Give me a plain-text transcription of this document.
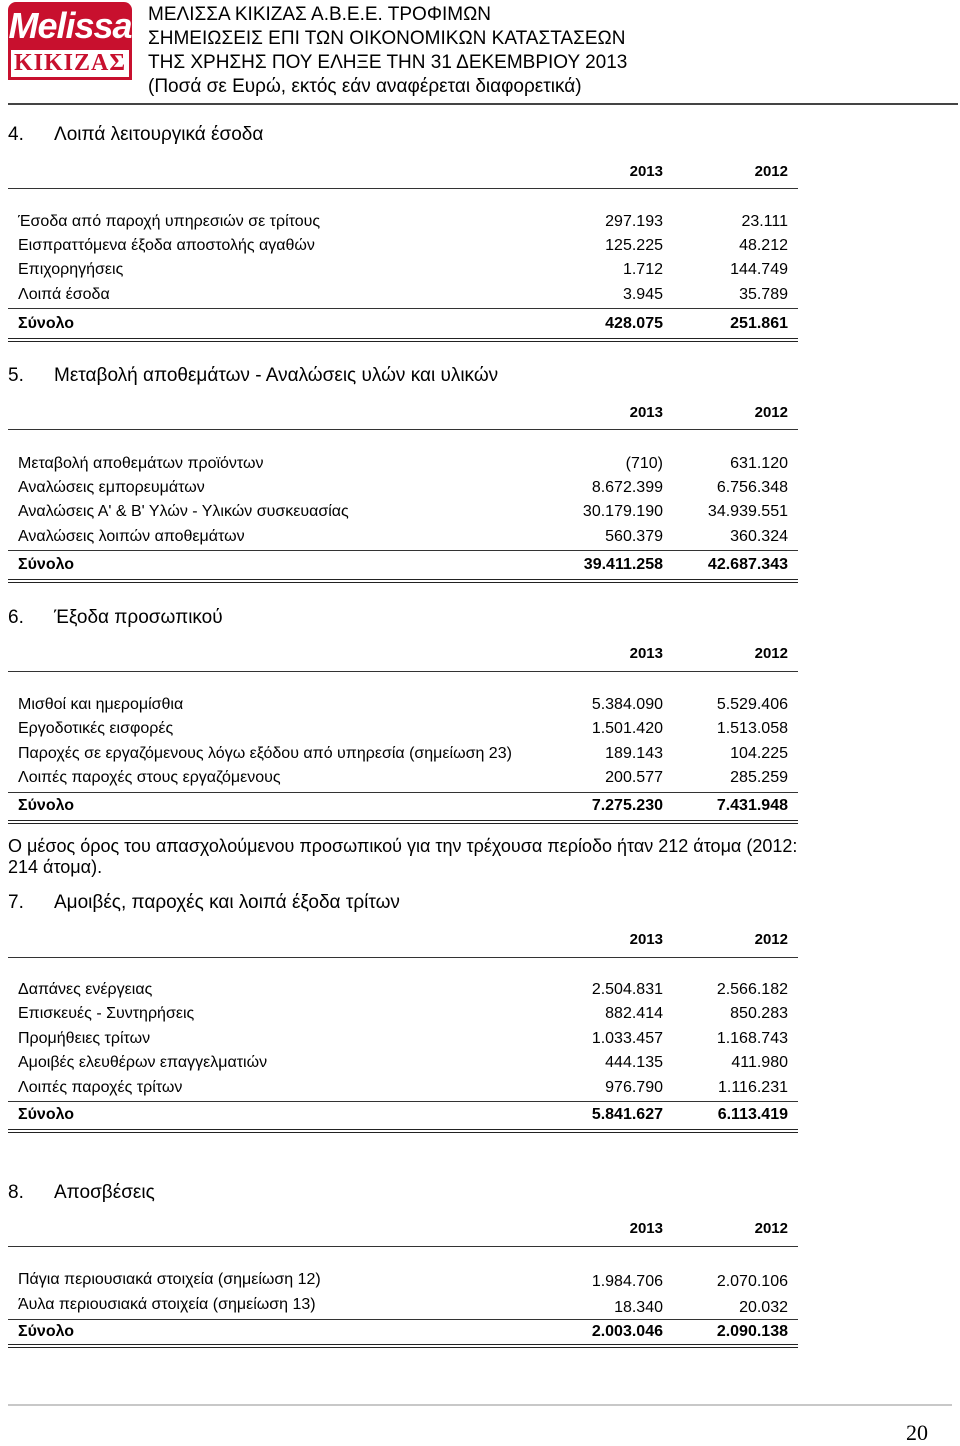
Melissa
ΚΙΚΙΖΑΣ
ΜΕΛΙΣΣΑ ΚΙΚΙΖΑΣ Α.Β.Ε.Ε. ΤΡΟΦΙΜΩΝ
ΣΗΜΕΙΩΣΕΙΣ ΕΠΙ ΤΩΝ ΟΙΚΟΝΟΜΙΚΩΝ ΚΑΤΑΣΤΑΣΕΩΝ
ΤΗΣ ΧΡΗΣΗΣ ΠΟΥ ΕΛΗΞΕ ΤΗΝ 31 ΔΕΚΕΜΒΡΙΟΥ 2013
(Ποσά σε Ευρώ, εκτός εάν αναφέρεται διαφορετικά)
4. Λοιπά λειτουργικά έσοδα
2013	2012
Έσοδα από παροχή υπηρεσιών σε τρίτους	297.193	23.111
Εισπραττόμενα έξοδα αποστολής αγαθών	125.225	48.212
Επιχορηγήσεις	1.712	144.749
Λοιπά έσοδα	3.945	35.789
Σύνολο	428.075	251.861
5. Μεταβολή αποθεμάτων - Αναλώσεις υλών και υλικών
2013	2012
Μεταβολή αποθεμάτων προϊόντων	(710)	631.120
Αναλώσεις εμπορευμάτων	8.672.399	6.756.348
Αναλώσεις Α' & Β' Υλών - Υλικών συσκευασίας	30.179.190	34.939.551
Αναλώσεις λοιπών αποθεμάτων	560.379	360.324
Σύνολο	39.411.258	42.687.343
6. Έξοδα προσωπικού
2013	2012
Μισθοί και ημερομίσθια	5.384.090	5.529.406
Εργοδοτικές εισφορές	1.501.420	1.513.058
Παροχές σε εργαζόμενους λόγω εξόδου από υπηρεσία (σημείωση 23)	189.143	104.225
Λοιπές παροχές στους εργαζόμενους	200.577	285.259
Σύνολο	7.275.230	7.431.948
Ο μέσος όρος του απασχολούμενου προσωπικού για την τρέχουσα περίοδο ήταν 212 άτομα (2012: 214 άτομα).
7. Αμοιβές, παροχές και λοιπά έξοδα τρίτων
2013	2012
Δαπάνες ενέργειας	2.504.831	2.566.182
Επισκευές - Συντηρήσεις	882.414	850.283
Προμήθειες τρίτων	1.033.457	1.168.743
Αμοιβές ελευθέρων επαγγελματιών	444.135	411.980
Λοιπές παροχές τρίτων	976.790	1.116.231
Σύνολο	5.841.627	6.113.419
8. Αποσβέσεις
2013	2012
Πάγια περιουσιακά στοιχεία (σημείωση 12)	1.984.706	2.070.106
Άυλα περιουσιακά στοιχεία (σημείωση 13)	18.340	20.032
Σύνολο	2.003.046	2.090.138
20
